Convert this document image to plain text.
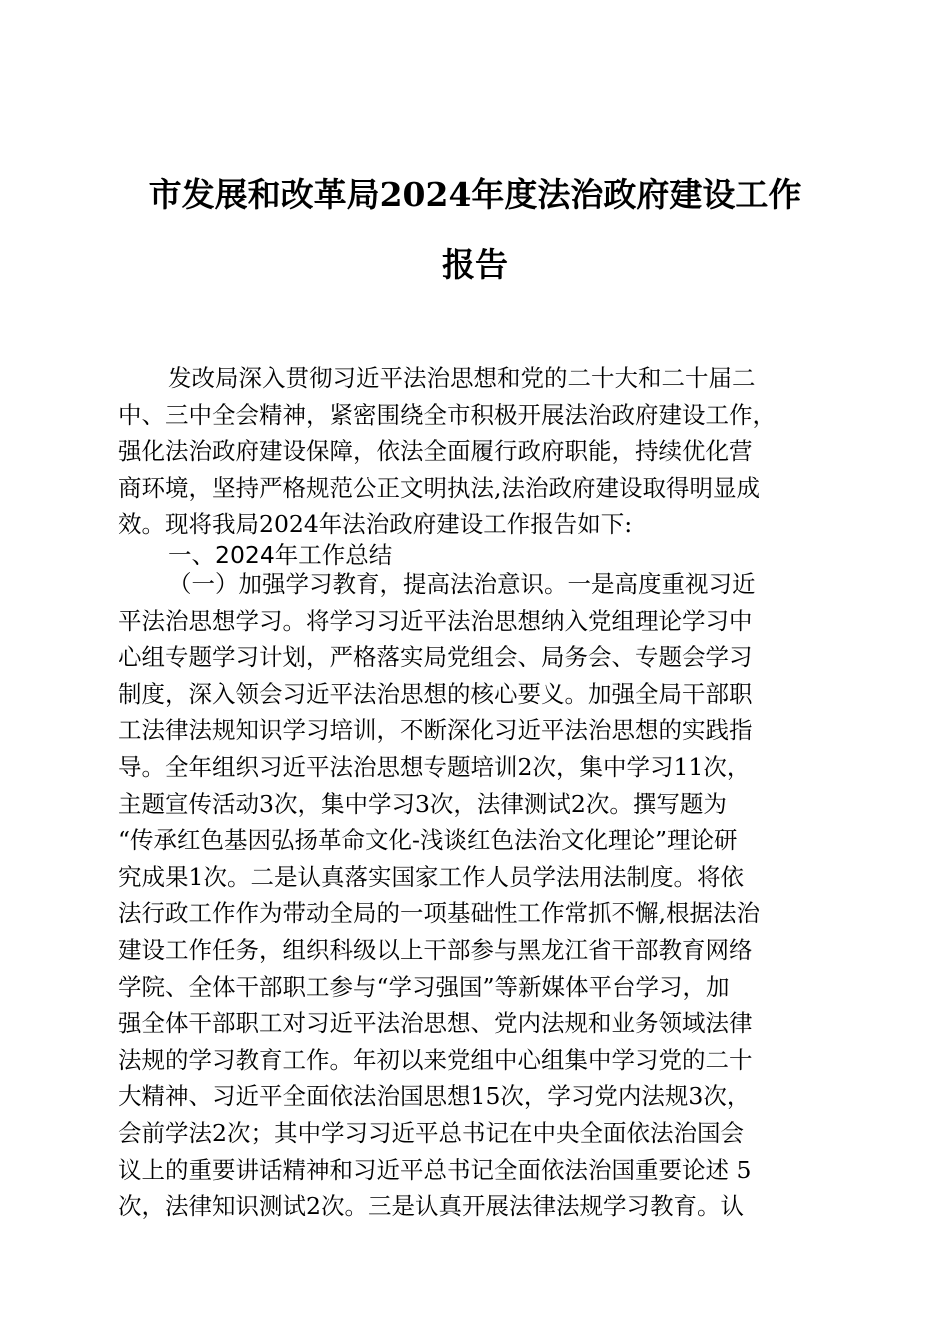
市发展和改革局2024年度法治政府建设工作
报告
发改局深入贯彻习近平法治思想和党的二十大和二十届二
中、三中全会精神，紧密围绕全市积极开展法治政府建设工作，
强化法治政府建设保障，依法全面履行政府职能，持续优化营
商环境，坚持严格规范公正文明执法,法治政府建设取得明显成
效。现将我局2024年法治政府建设工作报告如下:
一、2024年工作总结
（一）加强学习教育，提高法治意识。一是高度重视习近
平法治思想学习。将学习习近平法治思想纳入党组理论学习中
心组专题学习计划，严格落实局党组会、局务会、专题会学习
制度，深入领会习近平法治思想的核心要义。加强全局干部职
工法律法规知识学习培训，不断深化习近平法治思想的实践指
导。全年组织习近平法治思想专题培训2次，集中学习11次，
主题宣传活动3次，集中学习3次，法律测试2次。撰写题为
“传承红色基因弘扬革命文化-浅谈红色法治文化理论”理论研
究成果1次。二是认真落实国家工作人员学法用法制度。将依
法行政工作作为带动全局的一项基础性工作常抓不懈,根据法治
建设工作任务，组织科级以上干部参与黑龙江省干部教育网络
学院、全体干部职工参与“学习强国”等新媒体平台学习，加
强全体干部职工对习近平法治思想、党内法规和业务领域法律
法规的学习教育工作。年初以来党组中心组集中学习党的二十
大精神、习近平全面依法治国思想15次，学习党内法规3次，
会前学法2次；其中学习习近平总书记在中央全面依法治国会
议上的重要讲话精神和习近平总书记全面依法治国重要论述 5
次，法律知识测试2次。三是认真开展法律法规学习教育。认
